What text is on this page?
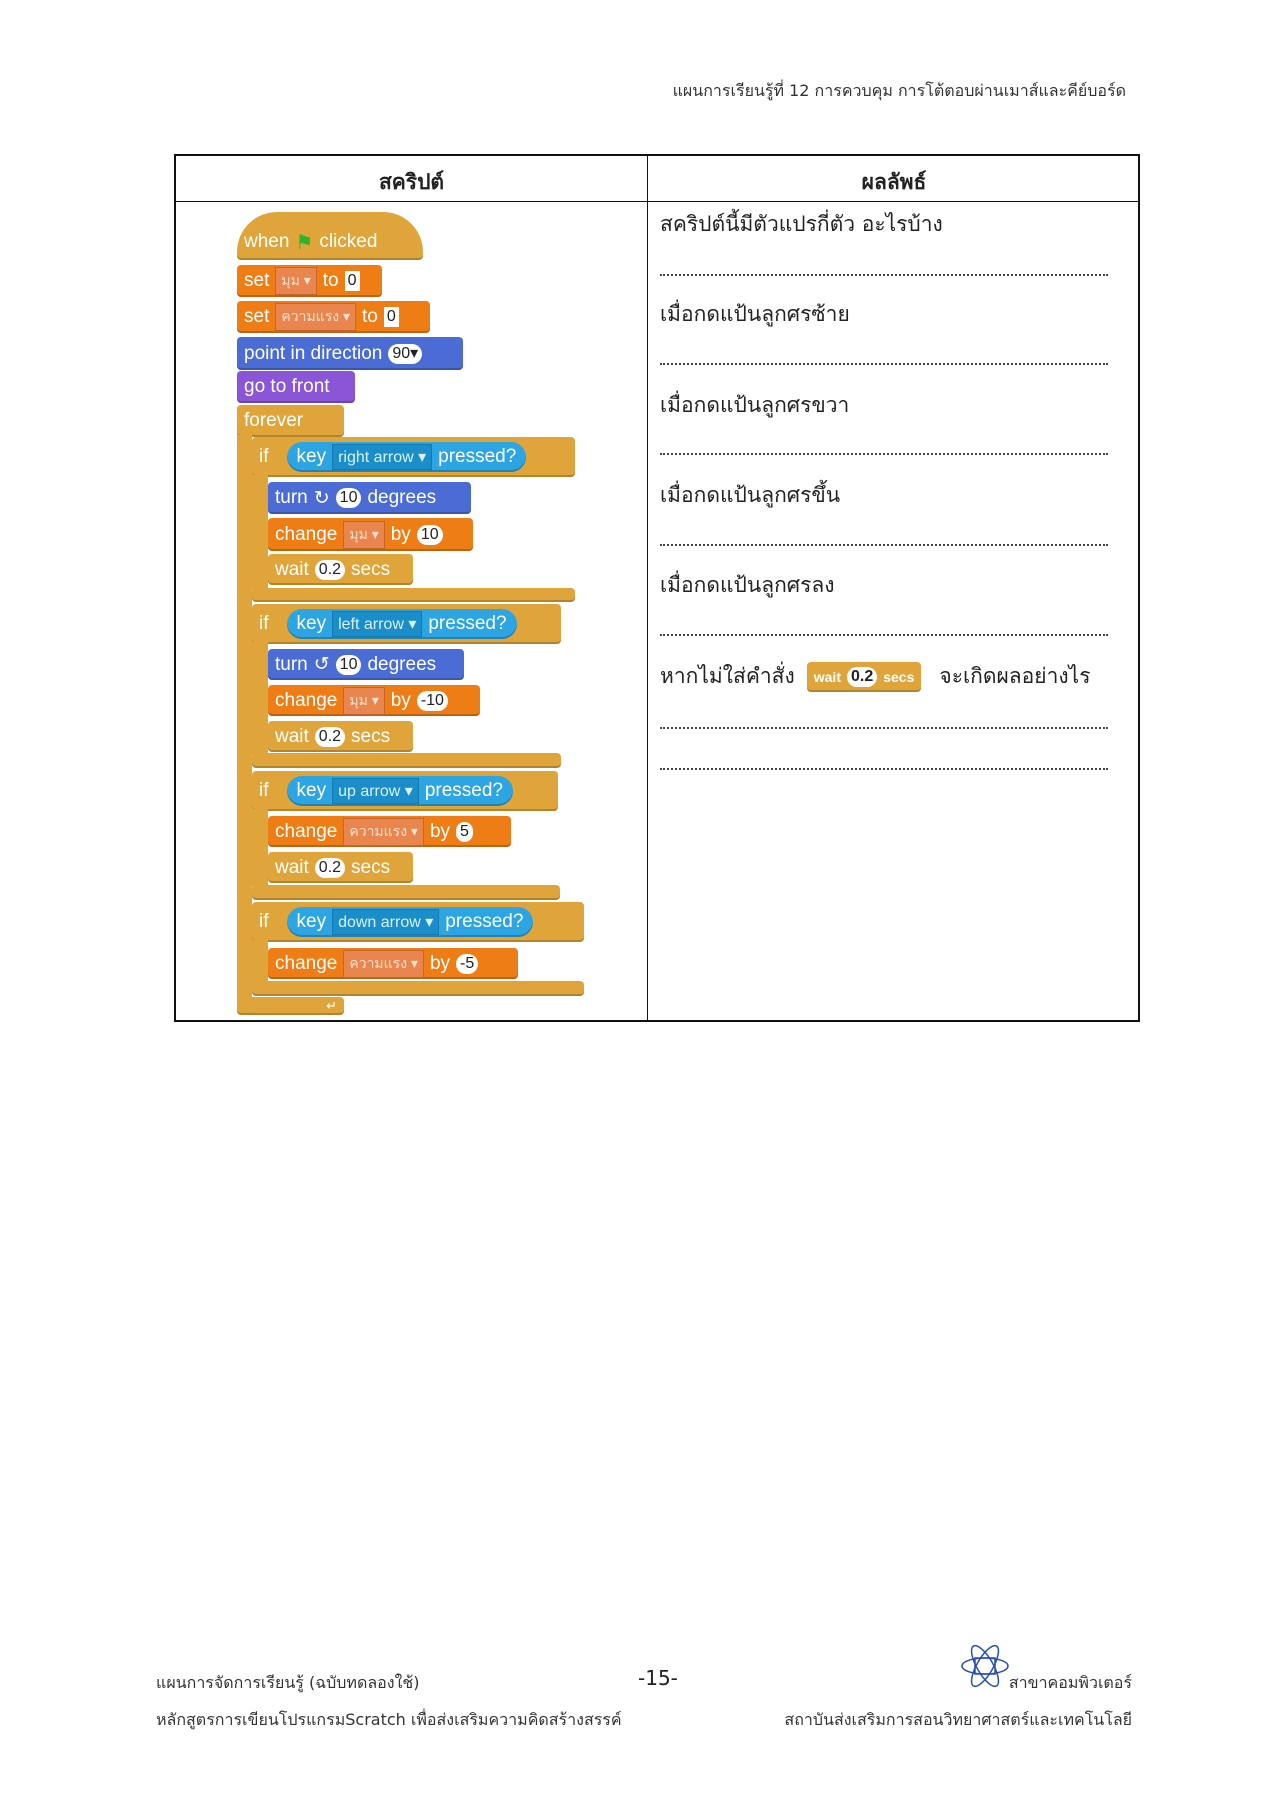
แผนการเรียนรู้ที่ 12 การควบคุม การโต้ตอบผ่านเมาส์และคีย์บอร์ด
สคริปต์	ผลลัพธ์
when ⚑ clicked
set มุม ▾ to 0
set ความแรง ▾ to 0
point in direction 90▾
go to front
forever
↵
if key right arrow ▾ pressed?
turn ↻ 10 degrees
change มุม ▾ by 10
wait 0.2 secs
if key left arrow ▾ pressed?
turn ↺ 10 degrees
change มุม ▾ by -10
wait 0.2 secs
if key up arrow ▾ pressed?
change ความแรง ▾ by 5
wait 0.2 secs
if key down arrow ▾ pressed?
change ความแรง ▾ by -5
สคริปต์นี้มีตัวแปรกี่ตัว อะไรบ้าง
เมื่อกดแป้นลูกศรซ้าย
เมื่อกดแป้นลูกศรขวา
เมื่อกดแป้นลูกศรขึ้น
เมื่อกดแป้นลูกศรลง
หากไม่ใส่คำสั่ง wait 0.2 secs จะเกิดผลอย่างไร
แผนการจัดการเรียนรู้ (ฉบับทดลองใช้)
หลักสูตรการเขียนโปรแกรมScratch เพื่อส่งเสริมความคิดสร้างสรรค์
-15-	สาขาคอมพิวเตอร์
สถาบันส่งเสริมการสอนวิทยาศาสตร์และเทคโนโลยี
